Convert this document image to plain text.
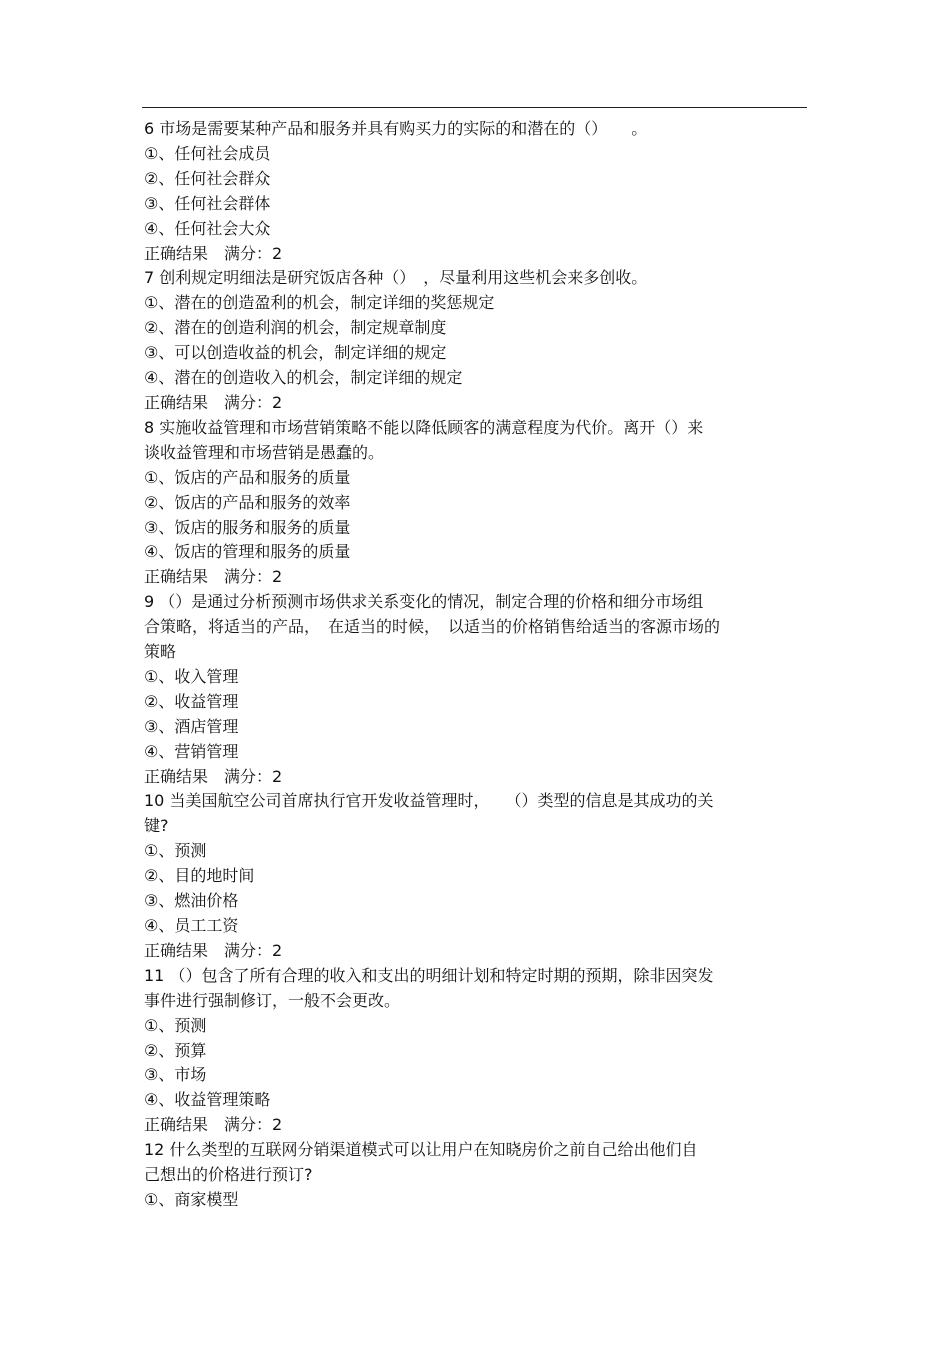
6 市场是需要某种产品和服务并具有购买力的实际的和潜在的（）　　。
①、任何社会成员
②、任何社会群众
③、任何社会群体
④、任何社会大众
正确结果　满分：2
7 创利规定明细法是研究饭店各种（）　，尽量利用这些机会来多创收。
①、潜在的创造盈利的机会，制定详细的奖惩规定
②、潜在的创造利润的机会，制定规章制度
③、可以创造收益的机会，制定详细的规定
④、潜在的创造收入的机会，制定详细的规定
正确结果　满分：2
8 实施收益管理和市场营销策略不能以降低顾客的满意程度为代价。离开（）来
谈收益管理和市场营销是愚蠢的。
①、饭店的产品和服务的质量
②、饭店的产品和服务的效率
③、饭店的服务和服务的质量
④、饭店的管理和服务的质量
正确结果　满分：2
9 （）是通过分析预测市场供求关系变化的情况，制定合理的价格和细分市场组
合策略，将适当的产品，　在适当的时候，　以适当的价格销售给适当的客源市场的
策略
①、收入管理
②、收益管理
③、酒店管理
④、营销管理
正确结果　满分：2
10 当美国航空公司首席执行官开发收益管理时，　　（）类型的信息是其成功的关
键?
①、预测
②、目的地时间
③、燃油价格
④、员工工资
正确结果　满分：2
11 （）包含了所有合理的收入和支出的明细计划和特定时期的预期，除非因突发
事件进行强制修订，一般不会更改。
①、预测
②、预算
③、市场
④、收益管理策略
正确结果　满分：2
12 什么类型的互联网分销渠道模式可以让用户在知晓房价之前自己给出他们自
己想出的价格进行预订?
①、商家模型
